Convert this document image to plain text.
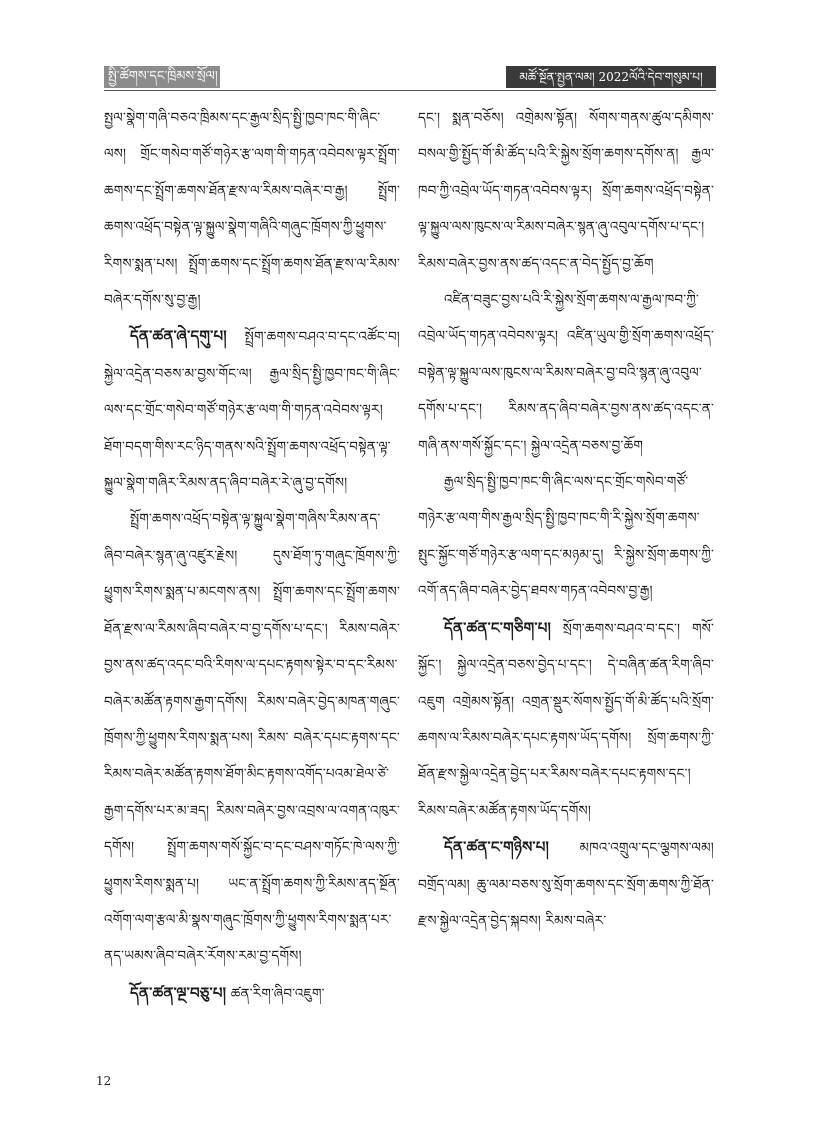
སྤྱི་ཚོགས་དང་ཁྲིམས་སྲོལ།	མཚོ་སྔོན་སྤྱན་ལམ། 2022ལོའི་དེབ་གསུམ་པ།

སྤྱལ་སྣེག་གཞི་བཅའ་ཁྲིམས་དང་རྒྱལ་སྲིད་སྤྱི་ཁྱབ་ཁང་གི་ཞིང་ལས། གྲོང་གསེབ་གཙོ་གཉེར་རྩ་ལག་གི་གཏན་འབེབས་ལྟར་སྤྲོག་ཆགས་དང་སྤྲོག་ཆགས་ཐོན་རྫས་ལ་རིམས་བཞེར་བ་རྒྱ། སྤྲོག་ཆགས་འཕྲོད་བསྟེན་ལྟ་སྐྱུལ་སྣེག་གཞིའི་གཞུང་ཁྲོགས་ཀྱི་ཕྱུགས་རིགས་སྨན་པས། སྤྲོག་ཆགས་དང་སྤྲོག་ཆགས་ཐོན་རྫས་ལ་རིམས་བཞེར་དགོས་སུ་བྱ་རྒྱ།

དོན་ཚན་ཞེ་དགུ་པ། སྤྲོག་ཆགས་བཤའ་བ་དང་འཚོང་བ། སྐྱེལ་འདྲེན་བཅས་མ་བྱས་གོང་ལ། རྒྱལ་སྲིད་སྤྱི་ཁྱབ་ཁང་གི་ཞིང་ལས་དང་གྲོང་གསེབ་གཙོ་གཉེར་རྩ་ལག་གི་གཏན་འབེབས་ལྟར། ཐོག་བདག་གིས་རང་ཉིད་གནས་སའི་སྤྲོག་ཆགས་འཕྲོད་བསྟེན་ལྟ་སྐྱུལ་སྣེག་གཞིར་རིམས་ནད་ཞིབ་བཞེར་རེ་ཞུ་བྱ་དགོས།

སྤྲོག་ཆགས་འཕྲོད་བསྟེན་ལྟ་སྐྱུལ་སྣེག་གཞིས་རིམས་ནད་ཞིབ་བཞེར་སྙན་ཞུ་འཛུར་རྗེས། དུས་ཐོག་ཏུ་གཞུང་ཁྲོགས་ཀྱི་ཕྱུགས་རིགས་སྨན་པ་མངགས་ནས། སྤྲོག་ཆགས་དང་སྤྲོག་ཆགས་ཐོན་རྫས་ལ་རིམས་ཞིབ་བཞེར་བ་བྱ་དགོས་པ་དང་། རིམས་བཞེར་བྱས་ནས་ཚད་འདང་བའི་རིགས་ལ་དཔང་རྟགས་སྟེར་བ་དང་རིམས་བཞེར་མཚོན་རྟགས་རྒྱག་དགོས། རིམས་བཞེར་བྱེད་མཁན་གཞུང་ཁྲོགས་ཀྱི་ཕྱུགས་རིགས་སྨན་པས། རིམས་ བཞེར་དཔང་རྟགས་དང་རིམས་བཞེར་མཚོན་རྟགས་ཐོག་མིང་རྟགས་འགོད་པའམ་ཐེལ་ཙེ་རྒྱག་དགོས་པར་མ་ཟད། རིམས་བཞེར་བྱས་འབྲས་ལ་འགན་འཁུར་དགོས། སྤྲོག་ཆགས་གསོ་སྐྱོང་བ་དང་བཤས་གཏོང་ཁེ་ལས་ཀྱི་ཕྱུགས་རིགས་སྨན་པ། ཡང་ན་སྤྲོག་ཆགས་ཀྱི་རིམས་ནད་སྔོན་འགོག་ལག་རྩལ་མི་སྣས་གཞུང་ཁྲོགས་ཀྱི་ཕྱུགས་རིགས་སྨན་པར་ནད་ཡམས་ཞིབ་བཞེར་རོགས་རམ་བྱ་དགོས།

དོན་ཚན་ལྔ་བཅུ་པ། ཚན་རིག་ཞིབ་འཇུག་

དང་། སྨན་བཅོས། འགྲེམས་སྟོན། སོགས་གནས་ཚུལ་དམིགས་བསལ་གྱི་སྤྱོད་གོ་མི་ཚོད་པའི་རི་སྐྱེས་སྲོག་ཆགས་དགོས་ན། རྒྱལ་ཁབ་ཀྱི་འབྲེལ་ཡོད་གཏན་འབེབས་ལྟར། སྲོག་ཆགས་འཕྲོད་བསྟེན་ལྟ་སྐྱུལ་ལས་ཁུངས་ལ་རིམས་བཞེར་སྙན་ཞུ་འབུལ་དགོས་པ་དང་། རིམས་བཞེར་བྱས་ནས་ཚད་འདང་ན་བེད་སྤྱོད་བྱ་ཆོག

འཛིན་བཟུང་བྱས་པའི་རི་སྐྱེས་སྲོག་ཆགས་ལ་རྒྱལ་ཁབ་ཀྱི་འབྲེལ་ཡོད་གཏན་འབེབས་ལྟར། འཛིན་ཡུལ་གྱི་སྲོག་ཆགས་འཕྲོད་བསྟེན་ལྟ་སྐྱུལ་ལས་ཁུངས་ལ་རིམས་བཞེར་བྱ་བའི་སྙན་ཞུ་འབུལ་དགོས་པ་དང་། རིམས་ནད་ཞིབ་བཞེར་བྱས་ནས་ཚད་འདང་ན་གཞི་ནས་གསོ་སྐྱོང་དང་། སྐྱེལ་འདྲེན་བཅས་བྱ་ཆོག

རྒྱལ་སྲིད་སྤྱི་ཁྱབ་ཁང་གི་ཞིང་ལས་དང་གྲོང་གསེབ་གཙོ་གཉེར་རྩ་ལག་གིས་རྒྱལ་སྲིད་སྤྱི་ཁྱབ་ཁང་གི་རི་སྐྱེས་སྲོག་ཆགས་སྤུང་སྐྱོང་གཙོ་གཉེར་རྩ་ལག་དང་མཉམ་དུ། རི་སྐྱེས་སྲོག་ཆགས་ཀྱི་འགོ་ནད་ཞིབ་བཞེར་བྱེད་ཐབས་གཏན་འབེབས་བྱ་རྒྱ།

དོན་ཚན་ང་གཅིག་པ། སྲོག་ཆགས་བཤའ་བ་དང་། གསོ་སྐྱོང་། སྐྱེལ་འདྲེན་བཅས་བྱེད་པ་དང་། དེ་བཞིན་ཚན་རིག་ཞིབ་འཇུག འགྲེམས་སྟོན། འགྲན་སྡུར་སོགས་སྤྱོད་གོ་མི་ཚོད་པའི་སྲོག་ཆགས་ལ་རིམས་བཞེར་དཔང་རྟགས་ཡོད་དགོས། སྲོག་ཆགས་ཀྱི་ཐོན་རྫས་སྐྱེལ་འདྲེན་བྱེད་པར་རིམས་བཞེར་དཔང་རྟགས་དང་། རིམས་བཞེར་མཚོན་རྟགས་ཡོད་དགོས།

དོན་ཚན་ང་གཉིས་པ། མཁའ་འགྲུལ་དང་ལྕགས་ལམ། བགྲོད་ལམ། ཆུ་ལམ་བཅས་སུ་སྲོག་ཆགས་དང་སྲོག་ཆགས་ཀྱི་ཐོན་རྫས་སྐྱེལ་འདྲེན་བྱེད་སྐབས། རིམས་བཞེར་

12
